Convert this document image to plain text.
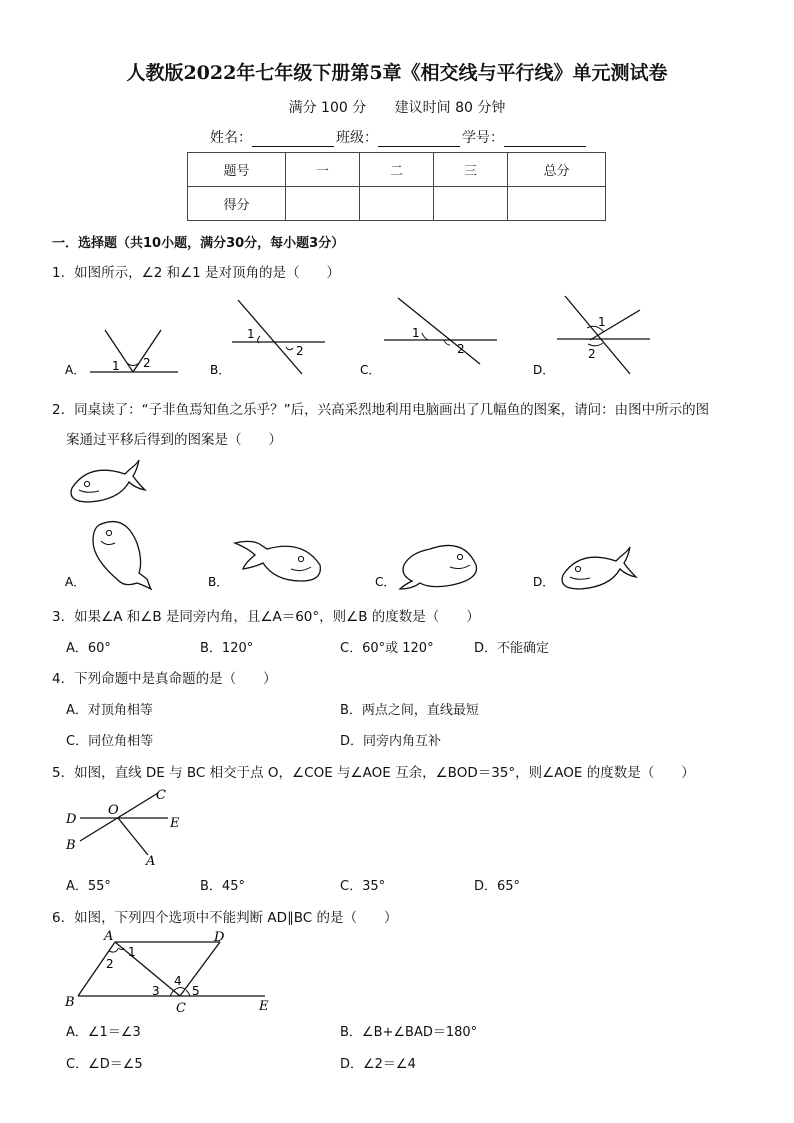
人教版2022年七年级下册第5章《相交线与平行线》单元测试卷
满分 100 分 建议时间 80 分钟
姓名：	班级：	学号：
题号	一	二	三	总分
得分				
一．选择题（共10小题，满分30分，每小题3分）
1．如图所示，∠2 和∠1 是对顶角的是（　　）
A． 1 2	B．
1
2
C．
1
2
D．
1
2
2．同桌读了：“子非鱼焉知鱼之乐乎？”后，兴高采烈地利用电脑画出了几幅鱼的图案，请问：由图中所示的图
案通过平移后得到的图案是（　　）
A．	B．	C．	D．
3．如果∠A 和∠B 是同旁内角，且∠A＝60°，则∠B 的度数是（　　）
A．60°	B．120°	C．60°或 120°	D．不能确定
4．下列命题中是真命题的是（　　）
A．对顶角相等	B．两点之间，直线最短
C．同位角相等	D．同旁内角互补
5．如图，直线 DE 与 BC 相交于点 O，∠COE 与∠AOE 互余，∠BOD＝35°，则∠AOE 的度数是（　　）
O
C
D	E
B
A
A．55°	B．45°	C．35°	D．65°
6．如图，下列四个选项中不能判断 AD∥BC 的是（　　）
A	D
B	C	E
1
2
3
4
5
A．∠1＝∠3	B．∠B+∠BAD＝180°
C．∠D＝∠5	D．∠2＝∠4
